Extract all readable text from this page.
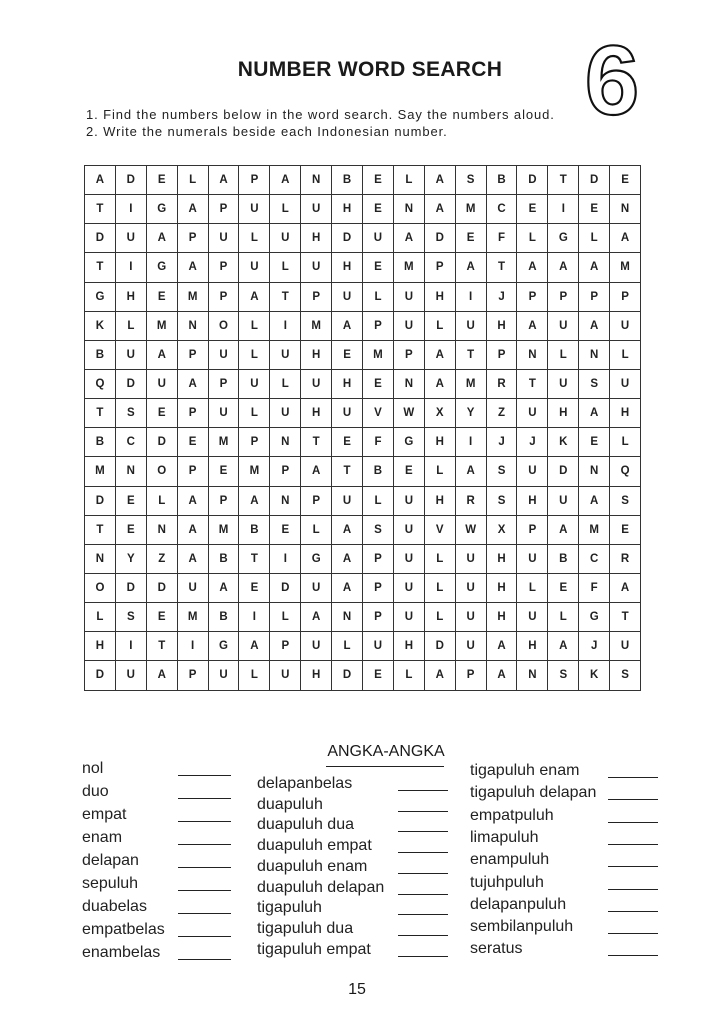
NUMBER WORD SEARCH 6
1. Find the numbers below in the word search. Say the numbers aloud.
2. Write the numerals beside each Indonesian number.
A	D	E	L	A	P	A	N	B	E	L	A	S	B	D	T	D	E
T	I	G	A	P	U	L	U	H	E	N	A	M	C	E	I	E	N
D	U	A	P	U	L	U	H	D	U	A	D	E	F	L	G	L	A
T	I	G	A	P	U	L	U	H	E	M	P	A	T	A	A	A	M
G	H	E	M	P	A	T	P	U	L	U	H	I	J	P	P	P	P
K	L	M	N	O	L	I	M	A	P	U	L	U	H	A	U	A	U
B	U	A	P	U	L	U	H	E	M	P	A	T	P	N	L	N	L
Q	D	U	A	P	U	L	U	H	E	N	A	M	R	T	U	S	U
T	S	E	P	U	L	U	H	U	V	W	X	Y	Z	U	H	A	H
B	C	D	E	M	P	N	T	E	F	G	H	I	J	J	K	E	L
M	N	O	P	E	M	P	A	T	B	E	L	A	S	U	D	N	Q
D	E	L	A	P	A	N	P	U	L	U	H	R	S	H	U	A	S
T	E	N	A	M	B	E	L	A	S	U	V	W	X	P	A	M	E
N	Y	Z	A	B	T	I	G	A	P	U	L	U	H	U	B	C	R
O	D	D	U	A	E	D	U	A	P	U	L	U	H	L	E	F	A
L	S	E	M	B	I	L	A	N	P	U	L	U	H	U	L	G	T
H	I	T	I	G	A	P	U	L	U	H	D	U	A	H	A	J	U
D	U	A	P	U	L	U	H	D	E	L	A	P	A	N	S	K	S
ANGKA-ANGKA
nol
duo
empat
enam
delapan
sepuluh
duabelas
empatbelas
enambelas
delapanbelas
duapuluh
duapuluh dua
duapuluh empat
duapuluh enam
duapuluh delapan
tigapuluh
tigapuluh dua
tigapuluh empat
tigapuluh enam
tigapuluh delapan
empatpuluh
limapuluh
enampuluh
tujuhpuluh
delapanpuluh
sembilanpuluh
seratus
15
